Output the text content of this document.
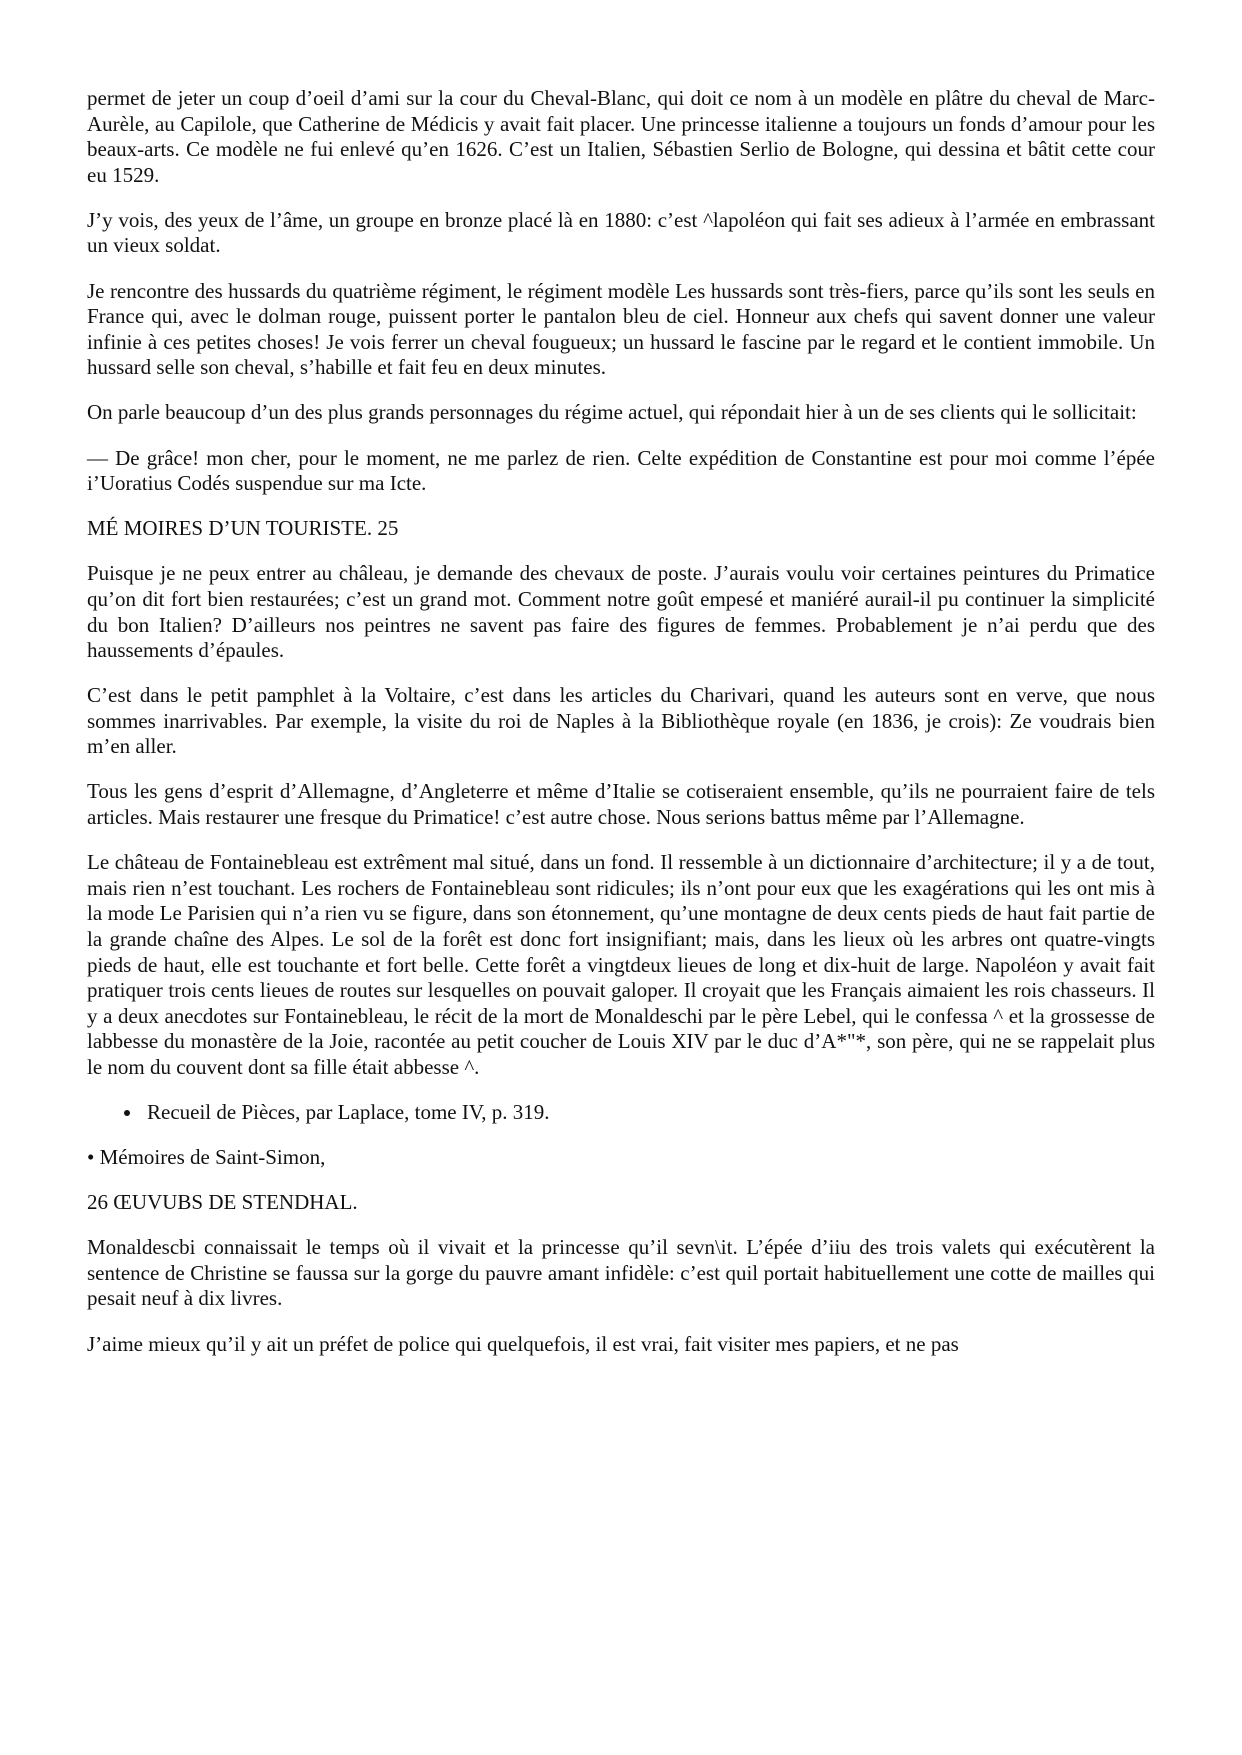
permet de jeter un coup d’oeil d’ami sur la cour du Cheval-Blanc, qui doit ce nom à un modèle en plâtre du cheval de Marc-Aurèle, au Capilole, que Catherine de Médicis y avait fait placer. Une princesse italienne a toujours un fonds d’amour pour les beaux-arts. Ce modèle ne fui enlevé qu’en 1626. C’est un Italien, Sébastien Serlio de Bologne, qui dessina et bâtit cette cour eu 1529.

J’y vois, des yeux de l’âme, un groupe en bronze placé là en 1880: c’est ^lapoléon qui fait ses adieux à l’armée en embrassant un vieux soldat.

Je rencontre des hussards du quatrième régiment, le régiment modèle Les hussards sont très-fiers, parce qu’ils sont les seuls en France qui, avec le dolman rouge, puissent porter le pantalon bleu de ciel. Honneur aux chefs qui savent donner une valeur infinie à ces petites choses! Je vois ferrer un cheval fougueux; un hussard le fascine par le regard et le contient immobile. Un hussard selle son cheval, s’habille et fait feu en deux minutes.

On parle beaucoup d’un des plus grands personnages du régime actuel, qui répondait hier à un de ses clients qui le sollicitait:

— De grâce! mon cher, pour le moment, ne me parlez de rien. Celte expédition de Constantine est pour moi comme l’épée i’Uoratius Codés suspendue sur ma Icte.

MÉ MOIRES D’UN TOURISTE. 25

Puisque je ne peux entrer au châleau, je demande des chevaux de poste. J’aurais voulu voir certaines peintures du Primatice qu’on dit fort bien restaurées; c’est un grand mot. Comment notre goût empesé et maniéré aurail-il pu continuer la simplicité du bon Italien? D’ailleurs nos peintres ne savent pas faire des figures de femmes. Probablement je n’ai perdu que des haussements d’épaules.

C’est dans le petit pamphlet à la Voltaire, c’est dans les articles du Charivari, quand les auteurs sont en verve, que nous sommes inarrivables. Par exemple, la visite du roi de Naples à la Bibliothèque royale (en 1836, je crois): Ze voudrais bien m’en aller.

Tous les gens d’esprit d’Allemagne, d’Angleterre et même d’Italie se cotiseraient ensemble, qu’ils ne pourraient faire de tels articles. Mais restaurer une fresque du Primatice! c’est autre chose. Nous serions battus même par l’Allemagne.

Le château de Fontainebleau est extrêment mal situé, dans un fond. Il ressemble à un dictionnaire d’architecture; il y a de tout, mais rien n’est touchant. Les rochers de Fontainebleau sont ridicules; ils n’ont pour eux que les exagérations qui les ont mis à la mode Le Parisien qui n’a rien vu se figure, dans son étonnement, qu’une montagne de deux cents pieds de haut fait partie de la grande chaîne des Alpes. Le sol de la forêt est donc fort insignifiant; mais, dans les lieux où les arbres ont quatre-vingts pieds de haut, elle est touchante et fort belle. Cette forêt a vingtdeux lieues de long et dix-huit de large. Napoléon y avait fait pratiquer trois cents lieues de routes sur lesquelles on pouvait galoper. Il croyait que les Français aimaient les rois chasseurs. Il y a deux anecdotes sur Fontainebleau, le récit de la mort de Monaldeschi par le père Lebel, qui le confessa ^ et la grossesse de labbesse du monastère de la Joie, racontée au petit coucher de Louis XIV par le duc d’A*"*, son père, qui ne se rappelait plus le nom du couvent dont sa fille était abbesse ^.

• Recueil de Pièces, par Laplace, tome IV, p. 319.

• Mémoires de Saint-Simon,

26 ŒUVUBS DE STENDHAL.

Monaldescbi connaissait le temps où il vivait et la princesse qu’il sevn\it. L’épée d’iiu des trois valets qui exécutèrent la sentence de Christine se faussa sur la gorge du pauvre amant infidèle: c’est quil portait habituellement une cotte de mailles qui pesait neuf à dix livres.

J’aime mieux qu’il y ait un préfet de police qui quelquefois, il est vrai, fait visiter mes papiers, et ne pas
